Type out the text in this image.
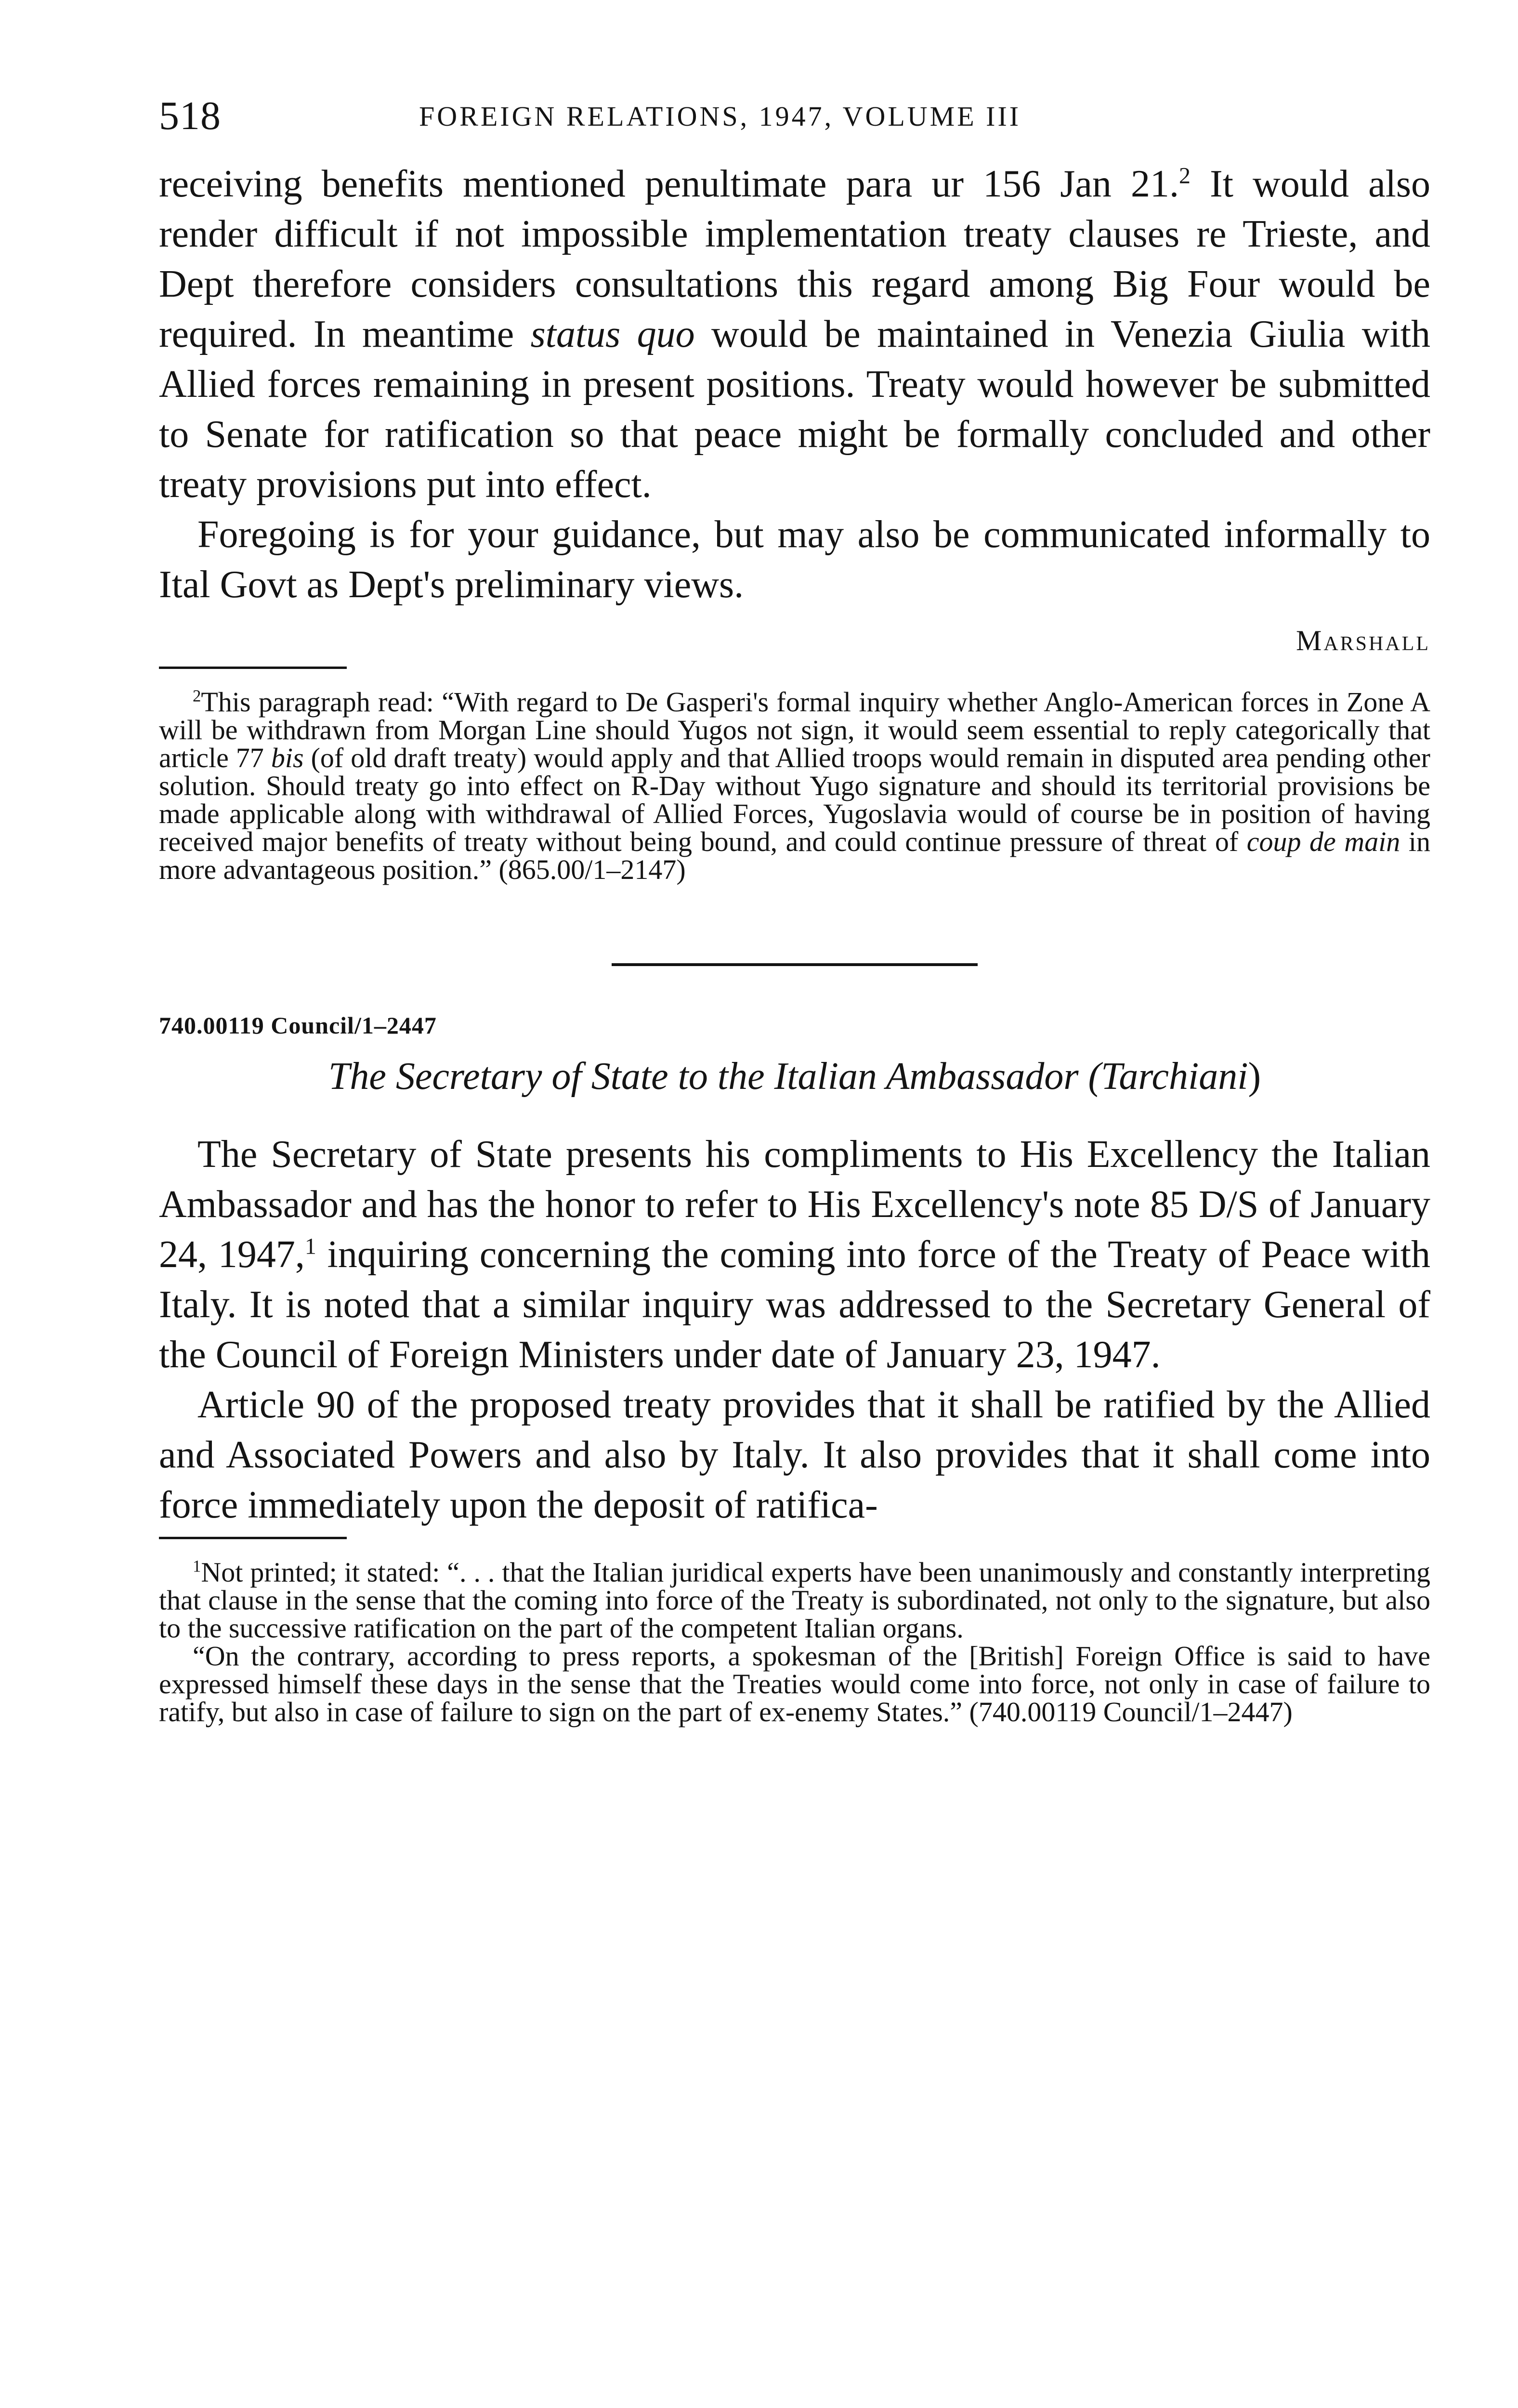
518	FOREIGN RELATIONS, 1947, VOLUME III

receiving benefits mentioned penultimate para ur 156 Jan 21.$^2$ It would also render difficult if not impossible implementation treaty clauses re Trieste, and Dept therefore considers consultations this regard among Big Four would be required. In meantime status quo would be maintained in Venezia Giulia with Allied forces remaining in present positions. Treaty would however be submitted to Senate for ratification so that peace might be formally concluded and other treaty provisions put into effect.

Foregoing is for your guidance, but may also be communicated informally to Ital Govt as Dept's preliminary views.

Marshall

$^2$This paragraph read: “With regard to De Gasperi's formal inquiry whether Anglo-American forces in Zone A will be withdrawn from Morgan Line should Yugos not sign, it would seem essential to reply categorically that article 77 bis (of old draft treaty) would apply and that Allied troops would remain in disputed area pending other solution. Should treaty go into effect on R-Day without Yugo signature and should its territorial provisions be made applicable along with withdrawal of Allied Forces, Yugoslavia would of course be in position of having received major benefits of treaty without being bound, and could continue pressure of threat of coup de main in more advantageous position.” (865.00/1–2147)

740.00119 Council/1–2447
The Secretary of State to the Italian Ambassador (Tarchiani)

The Secretary of State presents his compliments to His Excellency the Italian Ambassador and has the honor to refer to His Excellency's note 85 D/S of January 24, 1947,$^1$ inquiring concerning the coming into force of the Treaty of Peace with Italy. It is noted that a similar inquiry was addressed to the Secretary General of the Council of Foreign Ministers under date of January 23, 1947.

Article 90 of the proposed treaty provides that it shall be ratified by the Allied and Associated Powers and also by Italy. It also provides that it shall come into force immediately upon the deposit of ratifica-

$^1$Not printed; it stated: “. . . that the Italian juridical experts have been unanimously and constantly interpreting that clause in the sense that the coming into force of the Treaty is subordinated, not only to the signature, but also to the successive ratification on the part of the competent Italian organs.

“On the contrary, according to press reports, a spokesman of the [British] Foreign Office is said to have expressed himself these days in the sense that the Treaties would come into force, not only in case of failure to ratify, but also in case of failure to sign on the part of ex-enemy States.” (740.00119 Council/1–2447)
